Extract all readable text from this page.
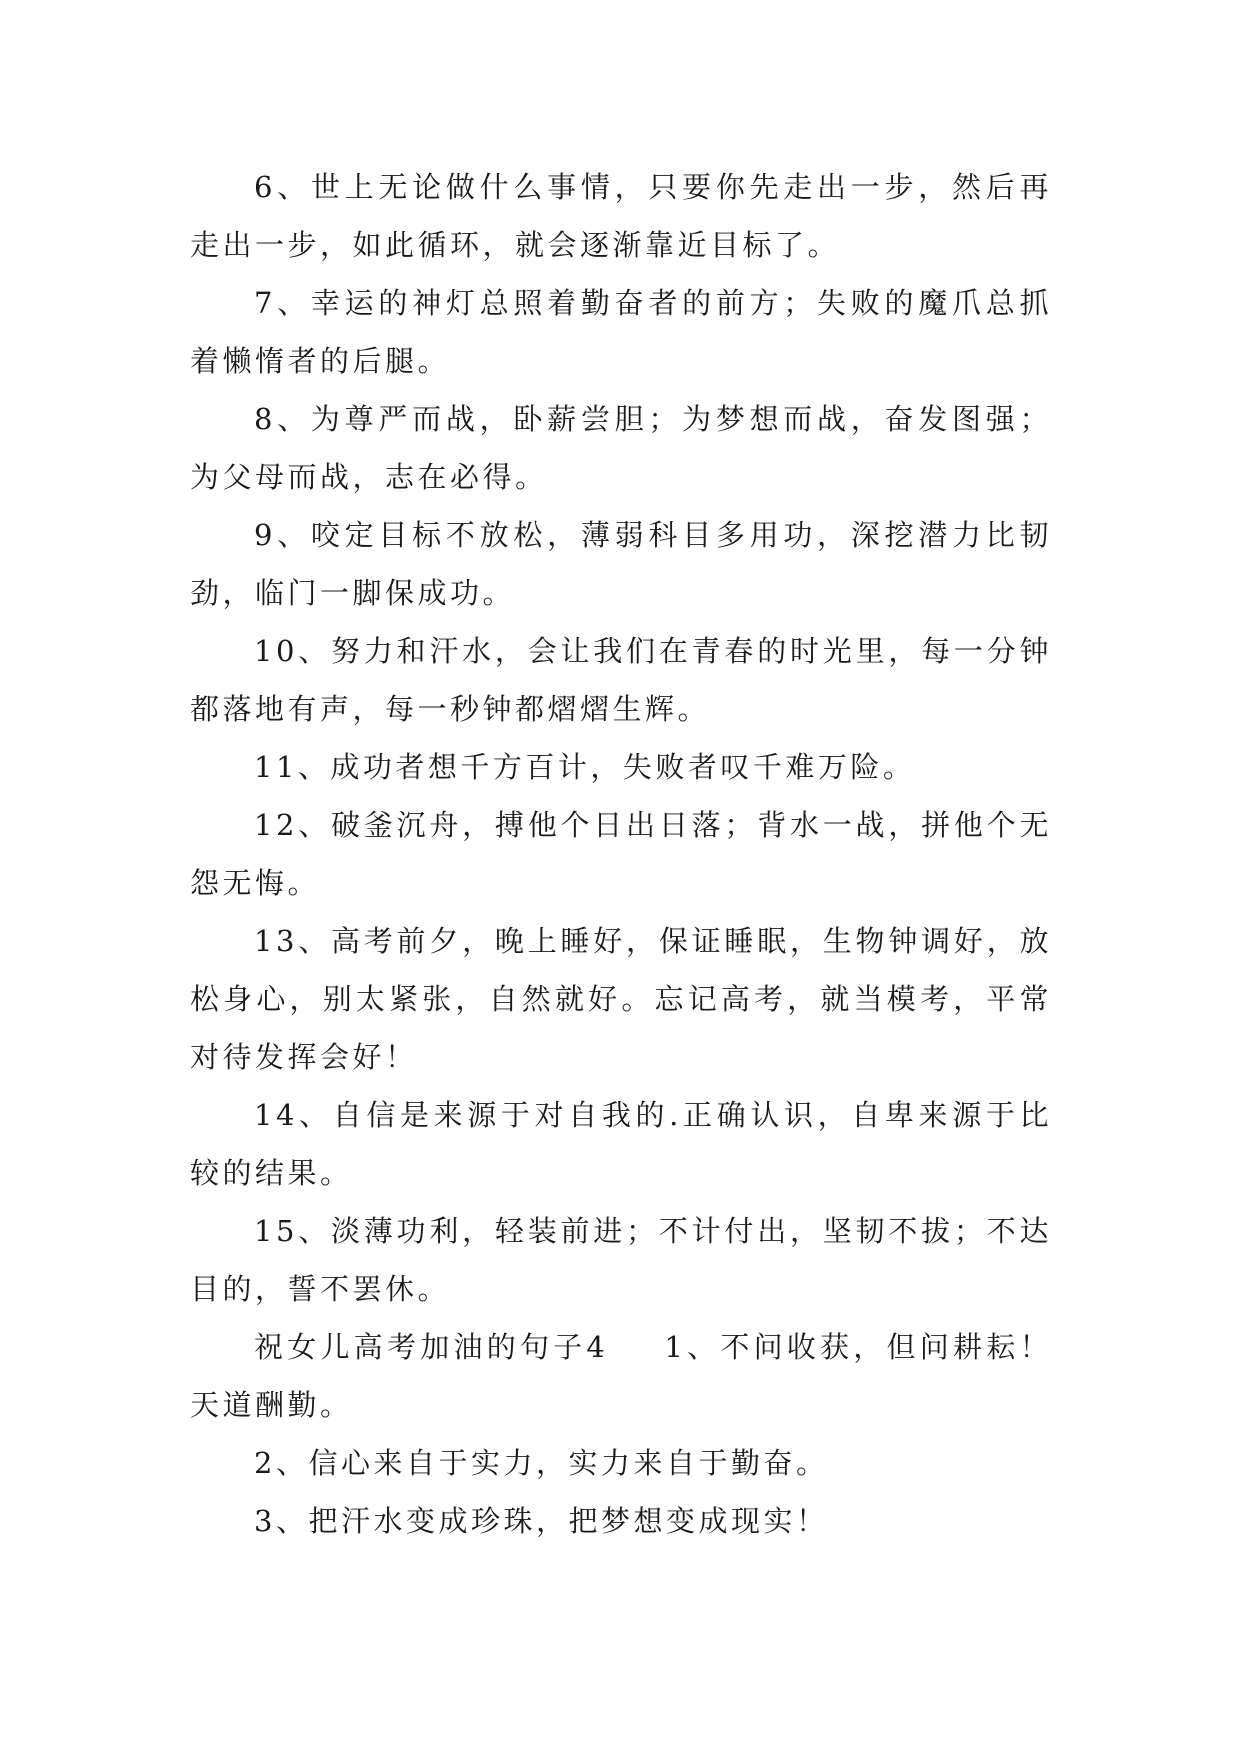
6、世上无论做什么事情，只要你先走出一步，然后再走出一步，如此循环，就会逐渐靠近目标了。

7、幸运的神灯总照着勤奋者的前方；失败的魔爪总抓着懒惰者的后腿。

8、为尊严而战，卧薪尝胆；为梦想而战，奋发图强；为父母而战，志在必得。

9、咬定目标不放松，薄弱科目多用功，深挖潜力比韧劲，临门一脚保成功。

10、努力和汗水，会让我们在青春的时光里，每一分钟都落地有声，每一秒钟都熠熠生辉。

11、成功者想千方百计，失败者叹千难万险。

12、破釜沉舟，搏他个日出日落；背水一战，拼他个无怨无悔。

13、高考前夕，晚上睡好，保证睡眠，生物钟调好，放松身心，别太紧张，自然就好。忘记高考，就当模考，平常对待发挥会好！

14、自信是来源于对自我的.正确认识，自卑来源于比较的结果。

15、淡薄功利，轻装前进；不计付出，坚韧不拔；不达目的，誓不罢休。

祝女儿高考加油的句子4 1、不问收获，但问耕耘！天道酬勤。

2、信心来自于实力，实力来自于勤奋。

3、把汗水变成珍珠，把梦想变成现实！
